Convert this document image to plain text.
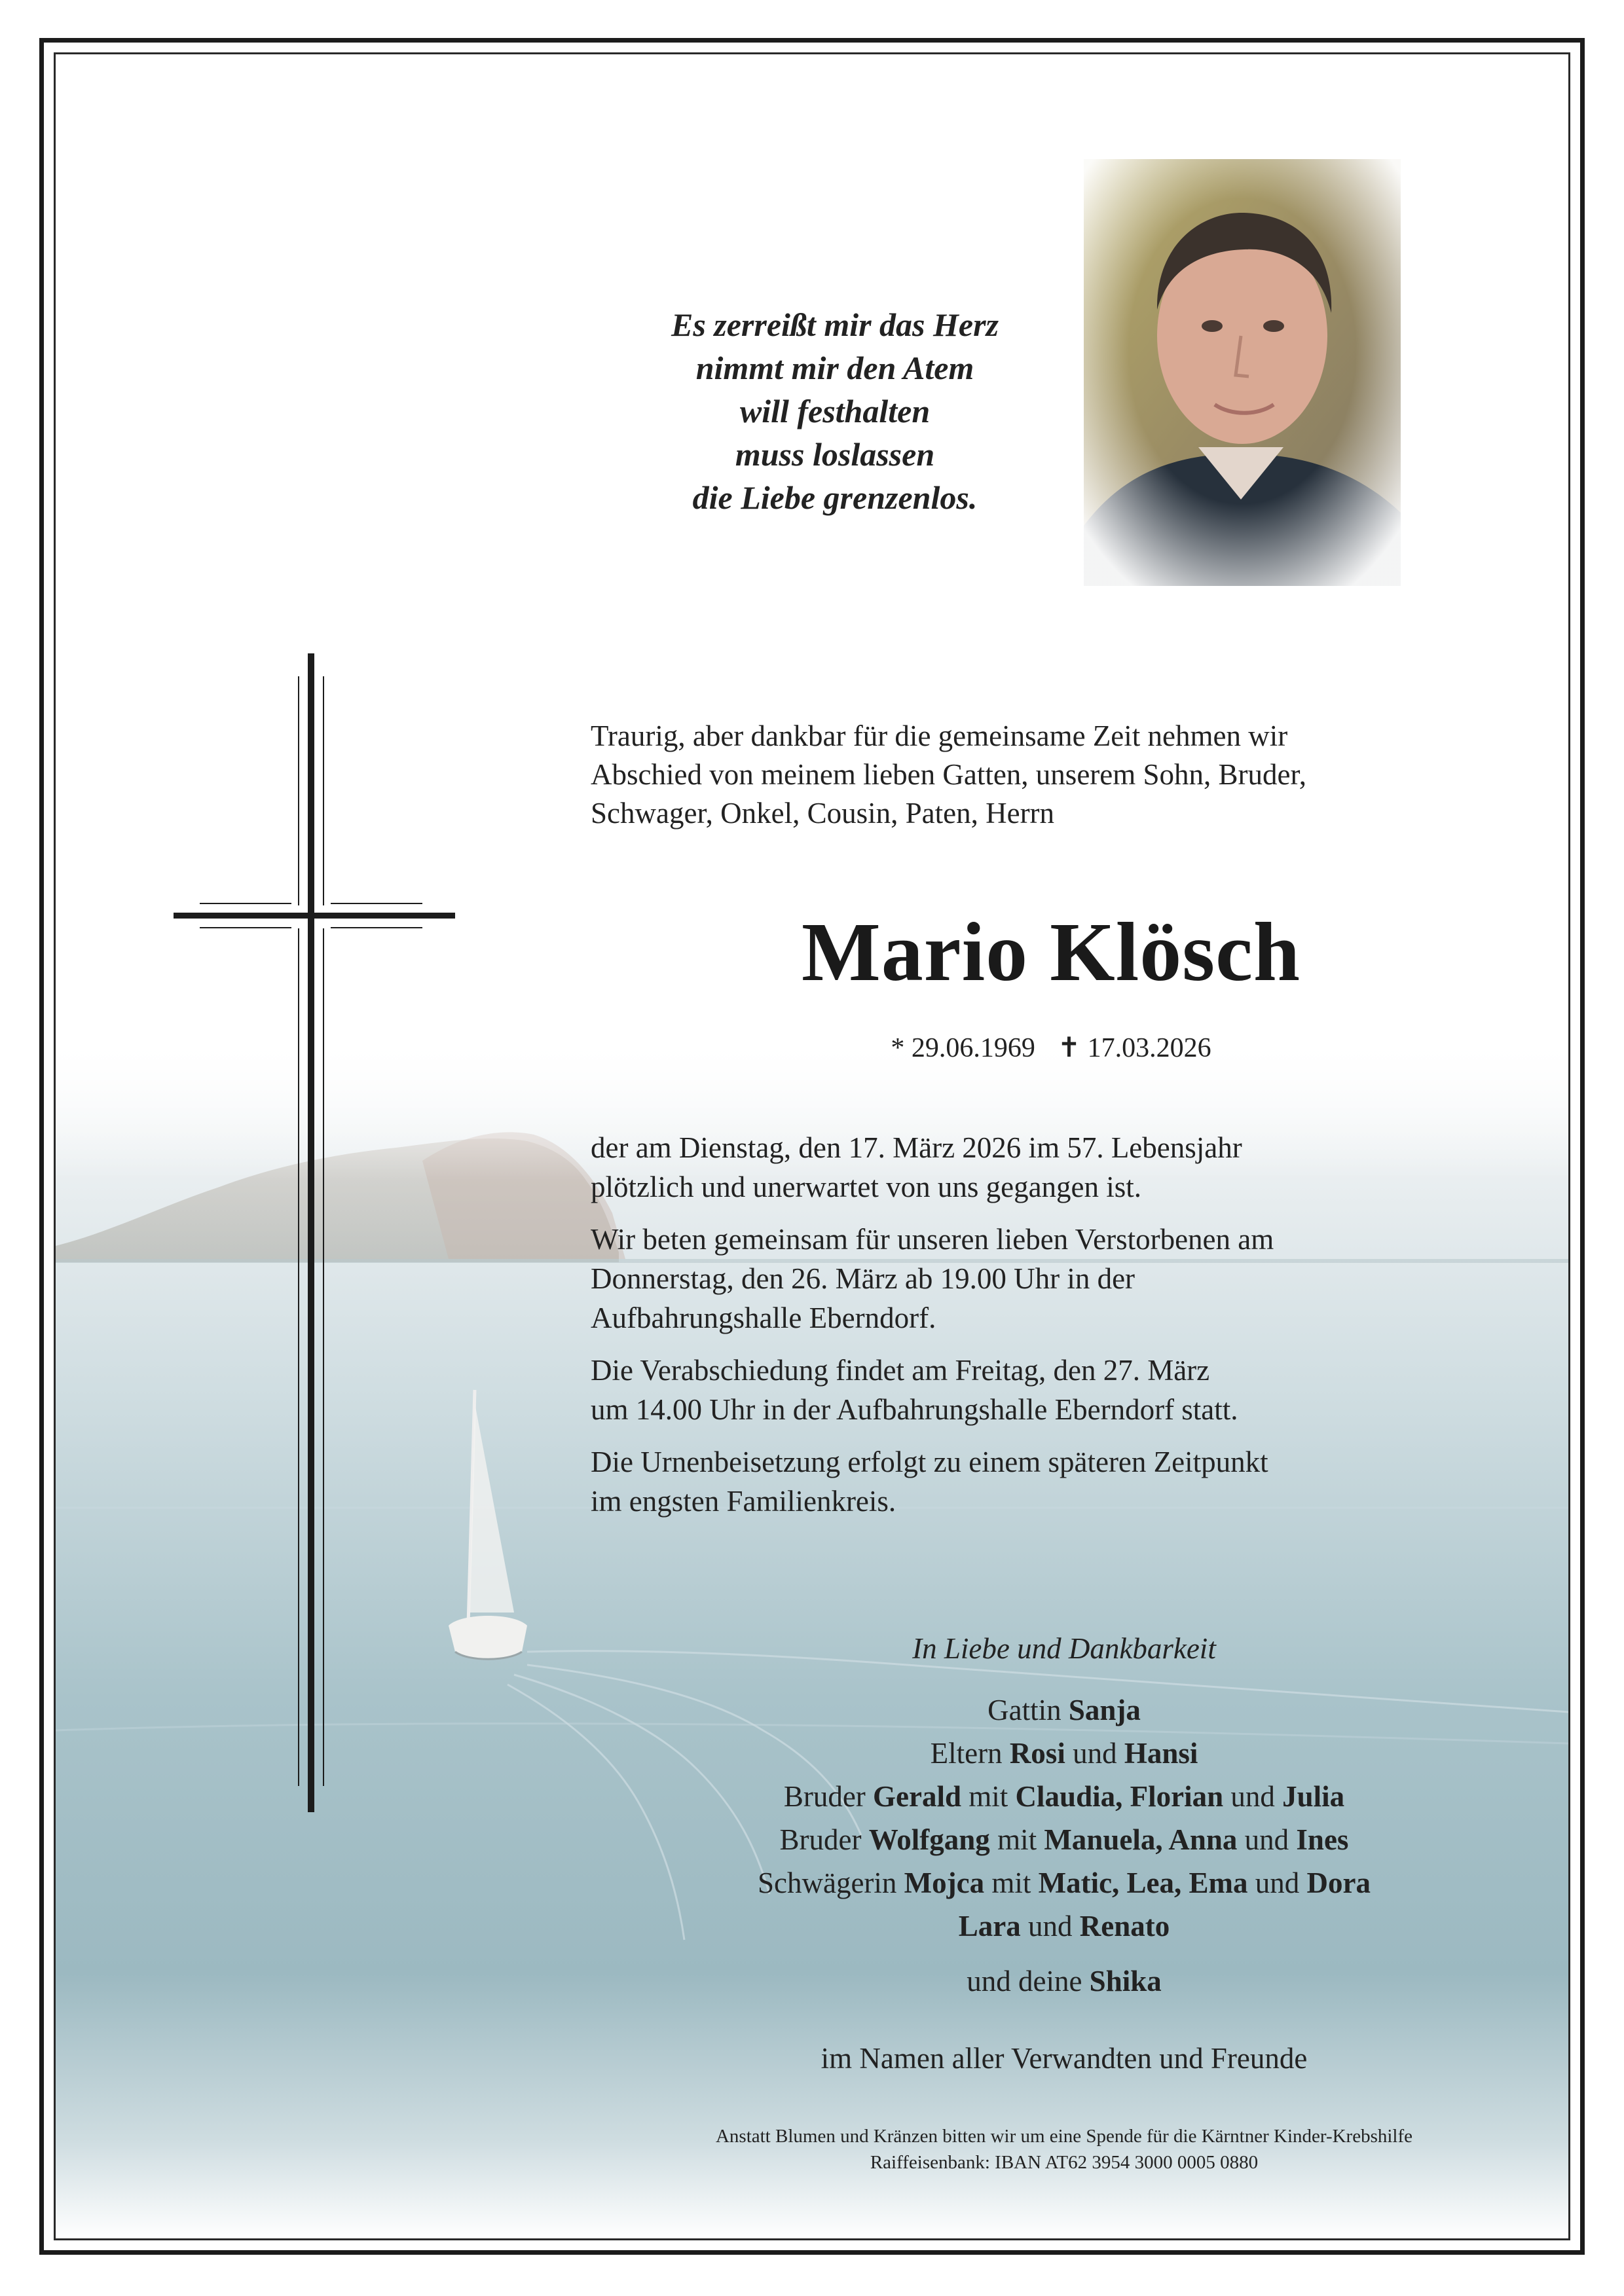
Es zerreißt mir das Herz
nimmt mir den Atem
will festhalten
muss loslassen
die Liebe grenzenlos.
Traurig, aber dankbar für die gemeinsame Zeit nehmen wir
Abschied von meinem lieben Gatten, unserem Sohn, Bruder,
Schwager, Onkel, Cousin, Paten, Herrn
Mario Klösch
* 29.06.1969 ✝ 17.03.2026

der am Dienstag, den 17. März 2026 im 57. Lebensjahr
plötzlich und unerwartet von uns gegangen ist.

Wir beten gemeinsam für unseren lieben Verstorbenen am
Donnerstag, den 26. März ab 19.00 Uhr in der
Aufbahrungshalle Eberndorf.

Die Verabschiedung findet am Freitag, den 27. März
um 14.00 Uhr in der Aufbahrungshalle Eberndorf statt.

Die Urnenbeisetzung erfolgt zu einem späteren Zeitpunkt
im engsten Familienkreis.

In Liebe und Dankbarkeit
Gattin Sanja
Eltern Rosi und Hansi
Bruder Gerald mit Claudia, Florian und Julia
Bruder Wolfgang mit Manuela, Anna und Ines
Schwägerin Mojca mit Matic, Lea, Ema und Dora
Lara und Renato
und deine Shika
im Namen aller Verwandten und Freunde
Anstatt Blumen und Kränzen bitten wir um eine Spende für die Kärntner Kinder-Krebshilfe
Raiffeisenbank: IBAN AT62 3954 3000 0005 0880
